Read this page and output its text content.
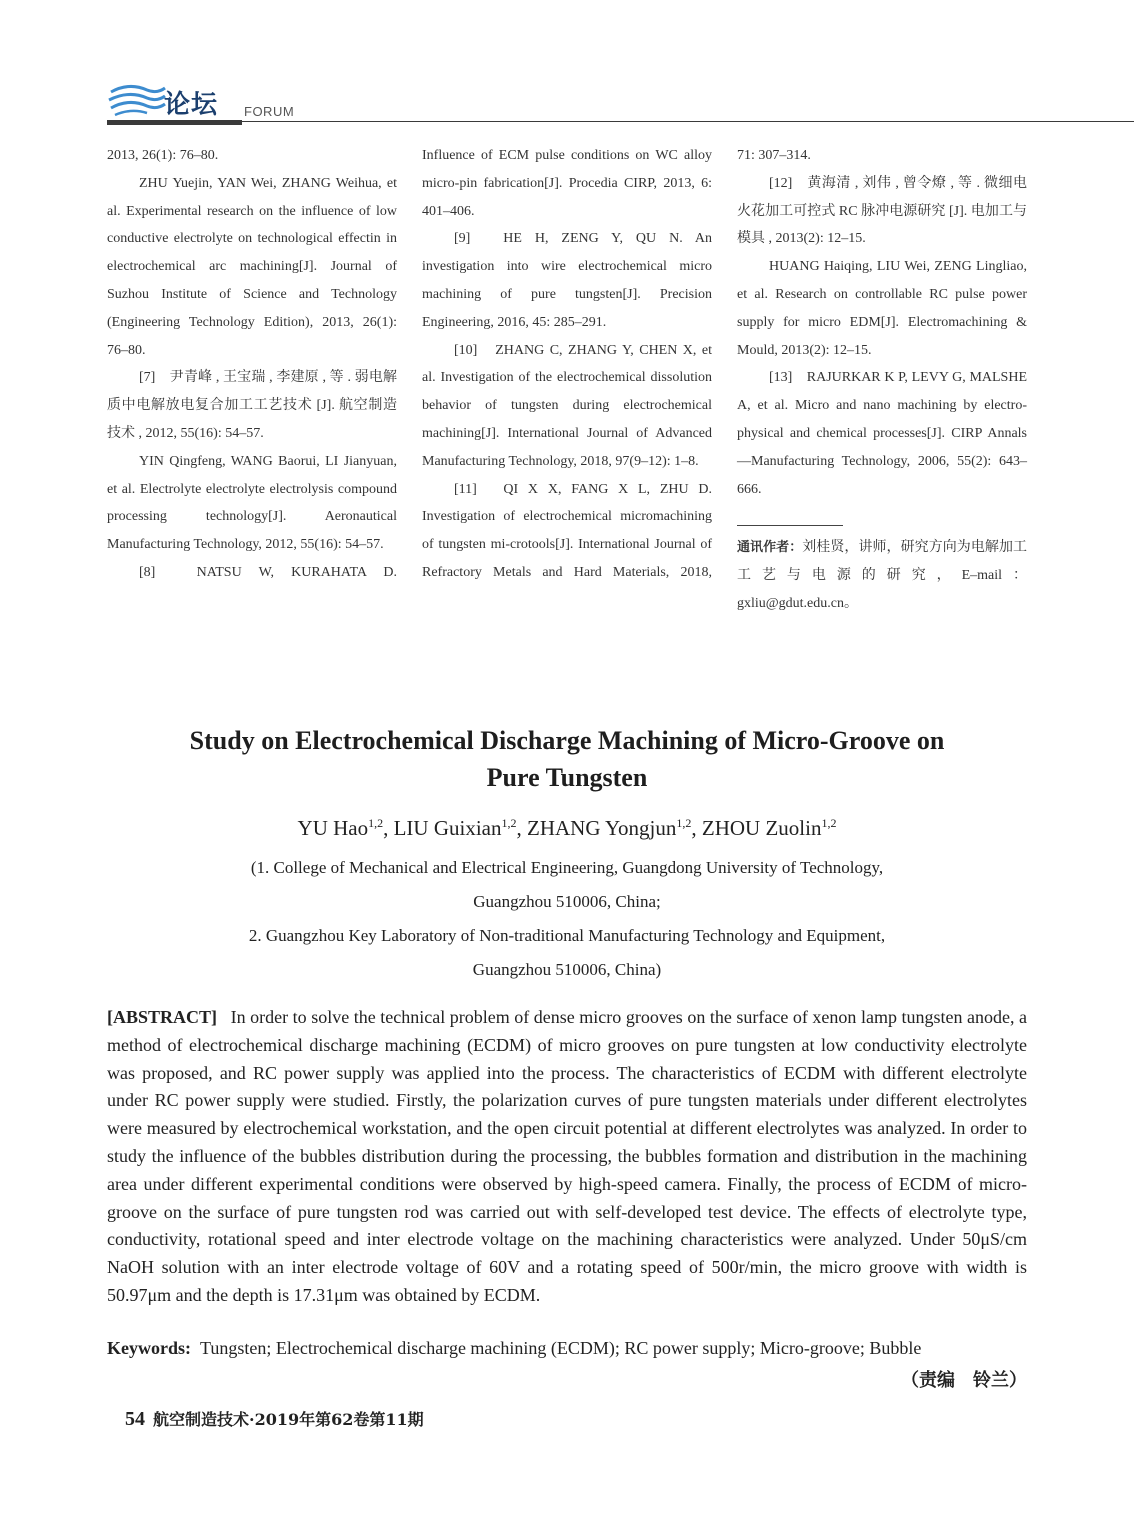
论坛 FORUM

2013, 26(1): 76–80.

ZHU Yuejin, YAN Wei, ZHANG Weihua, et al. Experimental research on the influence of low conductive electrolyte on technological effectin in electrochemical arc machining[J]. Journal of Suzhou Institute of Science and Technology (Engineering Technology Edition), 2013, 26(1): 76–80.

[7]　尹青峰 , 王宝瑞 , 李建原 , 等 . 弱电解质中电解放电复合加工工艺技术 [J]. 航空制造技术 , 2012, 55(16): 54–57.

YIN Qingfeng, WANG Baorui, LI Jianyuan, et al. Electrolyte electrolyte electrolysis compound processing technology[J]. Aeronautical Manufacturing Technology, 2012, 55(16): 54–57.

[8]　NATSU W, KURAHATA D.

Influence of ECM pulse conditions on WC alloy micro-pin fabrication[J]. Procedia CIRP, 2013, 6: 401–406.

[9]　HE H, ZENG Y, QU N. An investigation into wire electrochemical micro machining of pure tungsten[J]. Precision Engineering, 2016, 45: 285–291.

[10]　ZHANG C, ZHANG Y, CHEN X, et al. Investigation of the electrochemical dissolution behavior of tungsten during electrochemical machining[J]. International Journal of Advanced Manufacturing Technology, 2018, 97(9–12): 1–8.

[11]　QI X X, FANG X L, ZHU D. Investigation of electrochemical micromachining of tungsten mi-crotools[J]. International Journal of Refractory Metals and Hard Materials, 2018,

71: 307–314.

[12]　黄海清 , 刘伟 , 曾令燎 , 等 . 微细电火花加工可控式 RC 脉冲电源研究 [J]. 电加工与模具 , 2013(2): 12–15.

HUANG Haiqing, LIU Wei, ZENG Lingliao, et al. Research on controllable RC pulse power supply for micro EDM[J]. Electromachining & Mould, 2013(2): 12–15.

[13]　RAJURKAR K P, LEVY G, MALSHE A, et al. Micro and nano machining by electro-physical and chemical processes[J]. CIRP Annals—Manufacturing Technology, 2006, 55(2): 643–666.

通讯作者：刘桂贤，讲师，研究方向为电解加工工艺与电源的研究，E–mail：gxliu@gdut.edu.cn。

Study on Electrochemical Discharge Machining of Micro-Groove on
Pure Tungsten
YU Hao$^{1,2}$, LIU Guixian$^{1,2}$, ZHANG Yongjun$^{1,2}$, ZHOU Zuolin$^{1,2}$
(1. College of Mechanical and Electrical Engineering, Guangdong University of Technology,
Guangzhou 510006, China;
2. Guangzhou Key Laboratory of Non-traditional Manufacturing Technology and Equipment,
Guangzhou 510006, China)
[ABSTRACT] In order to solve the technical problem of dense micro grooves on the surface of xenon lamp tungsten anode, a method of electrochemical discharge machining (ECDM) of micro grooves on pure tungsten at low conductivity electrolyte was proposed, and RC power supply was applied into the process. The characteristics of ECDM with different electrolyte under RC power supply were studied. Firstly, the polarization curves of pure tungsten materials under different electrolytes were measured by electrochemical workstation, and the open circuit potential at different electrolytes was analyzed. In order to study the influence of the bubbles distribution during the processing, the bubbles formation and distribution in the machining area under different experimental conditions were observed by high-speed camera. Finally, the process of ECDM of micro-groove on the surface of pure tungsten rod was carried out with self-developed test device. The effects of electrolyte type, conductivity, rotational speed and inter electrode voltage on the machining characteristics were analyzed. Under 50μS/cm NaOH solution with an inter electrode voltage of 60V and a rotating speed of 500r/min, the micro groove with width is 50.97μm and the depth is 17.31μm was obtained by ECDM.
Keywords: Tungsten; Electrochemical discharge machining (ECDM); RC power supply; Micro-groove; Bubble
（责编　铃兰）
54 航空制造技术·2019年第62卷第11期
